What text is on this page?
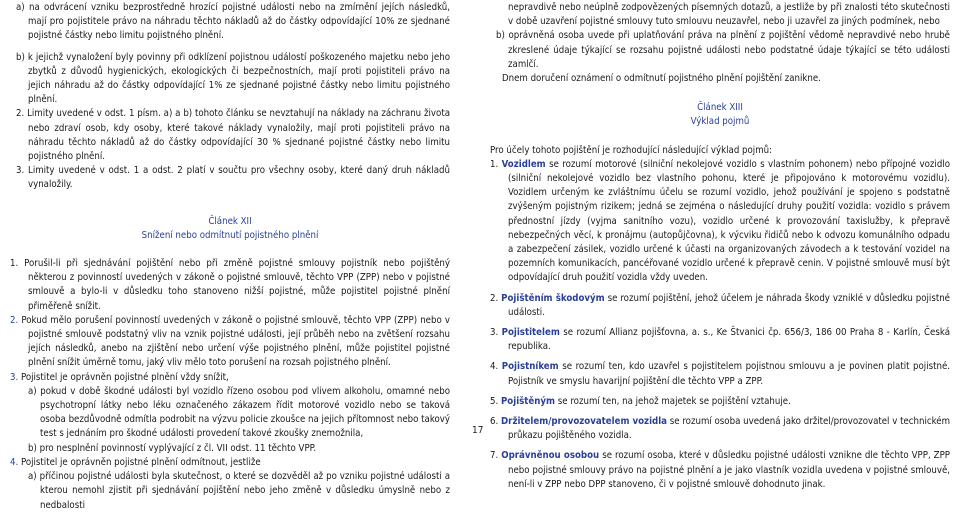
a) na odvrácení vzniku bezprostředně hrozící pojistné události nebo na zmírnění jejích následků, mají pro pojistitele právo na náhradu těchto nákladů až do částky odpovídající 10% ze sjednané pojistné částky nebo limitu pojistného plnění.

b) k jejichž vynaložení byly povinny při odklízení pojistnou událostí poškozeného majetku nebo jeho zbytků z důvodů hygienických, ekologických či bezpečnostních, mají proti pojistiteli právo na jejich náhradu až do částky odpovídající 1% ze sjednané pojistné částky nebo limitu pojistného plnění.

2. Limity uvedené v odst. 1 písm. a) a b) tohoto článku se nevztahují na náklady na záchranu života nebo zdraví osob, kdy osoby, které takové náklady vynaložily, mají proti pojistiteli právo na náhradu těchto nákladů až do částky odpovídající 30 % sjednané pojistné částky nebo limitu pojistného plnění.

3. Limity uvedené v odst. 1 a odst. 2 platí v součtu pro všechny osoby, které daný druh nákladů vynaložily.

Článek XII

Snížení nebo odmítnutí pojistného plnění

1. Porušil-li při sjednávání pojištění nebo při změně pojistné smlouvy pojistník nebo pojištěný některou z povinností uvedených v zákoně o pojistné smlouvě, těchto VPP (ZPP) nebo v pojistné smlouvě a bylo-li v důsledku toho stanoveno nižší pojistné, může pojistitel pojistné plnění přiměřeně snížit.

2. Pokud mělo porušení povinností uvedených v zákoně o pojistné smlouvě, těchto VPP (ZPP) nebo v pojistné smlouvě podstatný vliv na vznik pojistné události, její průběh nebo na zvětšení rozsahu jejích následků, anebo na zjištění nebo určení výše pojistného plnění, může pojistitel pojistné plnění snížit úměrně tomu, jaký vliv mělo toto porušení na rozsah pojistného plnění.

3. Pojistitel je oprávněn pojistné plnění vždy snížit,

a) pokud v době škodné události byl vozidlo řízeno osobou pod vlivem alkoholu, omamné nebo psychotropní látky nebo léku označeného zákazem řídit motorové vozidlo nebo se taková osoba bezdůvodně odmítla podrobit na výzvu policie zkoušce na jejich přítomnost nebo takový test s jednáním pro škodné události provedení takové zkoušky znemožnila,

b) pro nesplnění povinností vyplývající z čl. VII odst. 11 těchto VPP.

4. Pojistitel je oprávněn pojistné plnění odmítnout, jestliže

a) příčinou pojistné události byla skutečnost, o které se dozvěděl až po vzniku pojistné události a kterou nemohl zjistit při sjednávání pojištění nebo jeho změně v důsledku úmyslně nebo z nedbalosti

nepravdivě nebo neúplně zodpovězených písemných dotazů, a jestliže by při znalosti této skutečnosti v době uzavření pojistné smlouvy tuto smlouvu neuzavřel, nebo ji uzavřel za jiných podmínek, nebo

b) oprávněná osoba uvede při uplatňování práva na plnění z pojištění vědomě nepravdivé nebo hrubě zkreslené údaje týkající se rozsahu pojistné události nebo podstatné údaje týkající se této události zamlčí.

Dnem doručení oznámení o odmítnutí pojistného plnění pojištění zanikne.

Článek XIII

Výklad pojmů

Pro účely tohoto pojištění je rozhodující následující výklad pojmů:

1. Vozidlem se rozumí motorové (silniční nekolejové vozidlo s vlastním pohonem) nebo přípojné vozidlo (silniční nekolejové vozidlo bez vlastního pohonu, které je připojováno k motorovému vozidlu). Vozidlem určeným ke zvláštnímu účelu se rozumí vozidlo, jehož používání je spojeno s podstatně zvýšeným pojistným rizikem; jedná se zejména o následující druhy použití vozidla: vozidlo s právem přednostní jízdy (vyjma sanitního vozu), vozidlo určené k provozování taxislužby, k přepravě nebezpečných věcí, k pronájmu (autopůjčovna), k výcviku řidičů nebo k odvozu komunálního odpadu a zabezpečení zásilek, vozidlo určené k účasti na organizovaných závodech a k testování vozidel na pozemních komunikacích, pancéřované vozidlo určené k přepravě cenin. V pojistné smlouvě musí být odpovídající druh použití vozidla vždy uveden.

2. Pojištěním škodovým se rozumí pojištění, jehož účelem je náhrada škody vzniklé v důsledku pojistné události.

3. Pojistitelem se rozumí Allianz pojišťovna, a. s., Ke Štvanici čp. 656/3, 186 00 Praha 8 - Karlín, Česká republika.

4. Pojistníkem se rozumí ten, kdo uzavřel s pojistitelem pojistnou smlouvu a je povinen platit pojistné. Pojistník ve smyslu havarijní pojištění dle těchto VPP a ZPP.

5. Pojištěným se rozumí ten, na jehož majetek se pojištění vztahuje.

6. Držitelem/provozovatelem vozidla se rozumí osoba uvedená jako držitel/provozovatel v technickém průkazu pojištěného vozidla.

7. Oprávněnou osobou se rozumí osoba, které v důsledku pojistné události vznikne dle těchto VPP, ZPP nebo pojistné smlouvy právo na pojistné plnění a je jako vlastník vozidla uvedena v pojistné smlouvě, není-li v ZPP nebo DPP stanoveno, či v pojistné smlouvě dohodnuto jinak.

17
